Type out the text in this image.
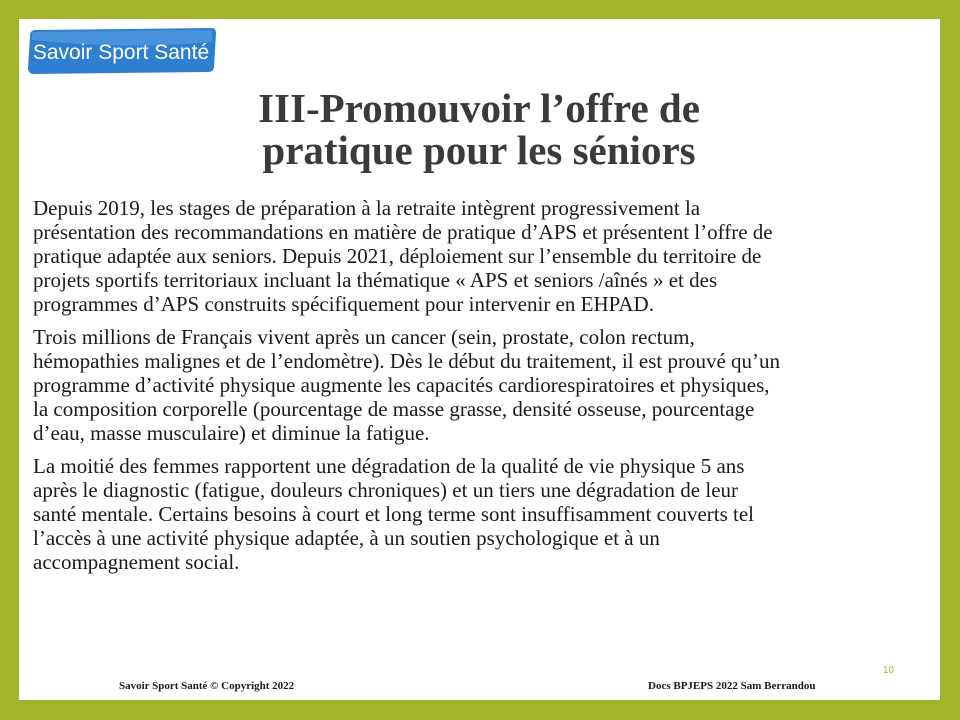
Savoir Sport Santé
III-Promouvoir l’offre de
pratique pour les séniors

Depuis 2019, les stages de préparation à la retraite intègrent progressivement la
présentation des recommandations en matière de pratique d’APS et présentent l’offre de
pratique adaptée aux seniors. Depuis 2021, déploiement sur l’ensemble du territoire de
projets sportifs territoriaux incluant la thématique « APS et seniors /aînés » et des
programmes d’APS construits spécifiquement pour intervenir en EHPAD.

Trois millions de Français vivent après un cancer (sein, prostate, colon rectum,
hémopathies malignes et de l’endomètre). Dès le début du traitement, il est prouvé qu’un
programme d’activité physique augmente les capacités cardiorespiratoires et physiques,
la composition corporelle (pourcentage de masse grasse, densité osseuse, pourcentage
d’eau, masse musculaire) et diminue la fatigue.

La moitié des femmes rapportent une dégradation de la qualité de vie physique 5 ans
après le diagnostic (fatigue, douleurs chroniques) et un tiers une dégradation de leur
santé mentale. Certains besoins à court et long terme sont insuffisamment couverts tel
l’accès à une activité physique adaptée, à un soutien psychologique et à un
accompagnement social.

10
Savoir Sport Santé © Copyright 2022	Docs BPJEPS 2022 Sam Berrandou
